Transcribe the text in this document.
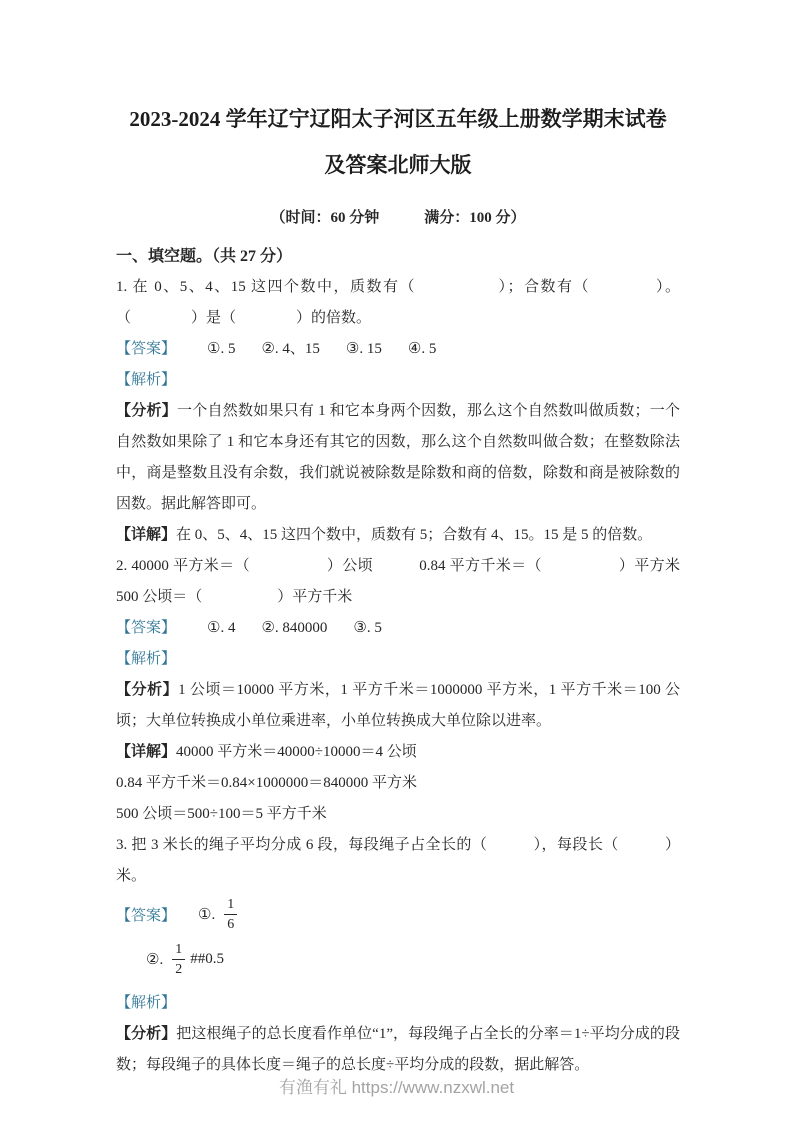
2023-2024 学年辽宁辽阳太子河区五年级上册数学期末试卷
及答案北师大版
（时间：60 分钟　　　满分：100 分）
一、填空题。（共 27 分）

1. 在 0、5、4、15 这四个数中，质数有（　　　　　）；合数有（　　　　）。（　　　　）是（　　　　）的倍数。

【答案】 ①. 5 ②. 4、15 ③. 15 ④. 5

【解析】

【分析】一个自然数如果只有 1 和它本身两个因数，那么这个自然数叫做质数；一个自然数如果除了 1 和它本身还有其它的因数，那么这个自然数叫做合数；在整数除法中，商是整数且没有余数，我们就说被除数是除数和商的倍数，除数和商是被除数的因数。据此解答即可。

【详解】在 0、5、4、15 这四个数中，质数有 5；合数有 4、15。15 是 5 的倍数。

2. 40000 平方米＝（　　　　　）公顷　　　0.84 平方千米＝（　　　　　）平方米 500 公顷＝（　　　　　）平方千米

【答案】 ①. 4 ②. 840000 ③. 5

【解析】

【分析】1 公顷＝10000 平方米，1 平方千米＝1000000 平方米，1 平方千米＝100 公顷；大单位转换成小单位乘进率，小单位转换成大单位除以进率。

【详解】40000 平方米＝40000÷10000＝4 公顷

0.84 平方千米＝0.84×1000000＝840000 平方米

500 公顷＝500÷100＝5 平方千米

3. 把 3 米长的绳子平均分成 6 段，每段绳子占全长的（　　　），每段长（　　　）米。

【答案】 ①. $\frac{1}{6}$
②. $\frac{1}{2}$ ##0.5

【解析】

【分析】把这根绳子的总长度看作单位“1”，每段绳子占全长的分率＝1÷平均分成的段数；每段绳子的具体长度＝绳子的总长度÷平均分成的段数，据此解答。

有渔有礼 https://www.nzxwl.net
